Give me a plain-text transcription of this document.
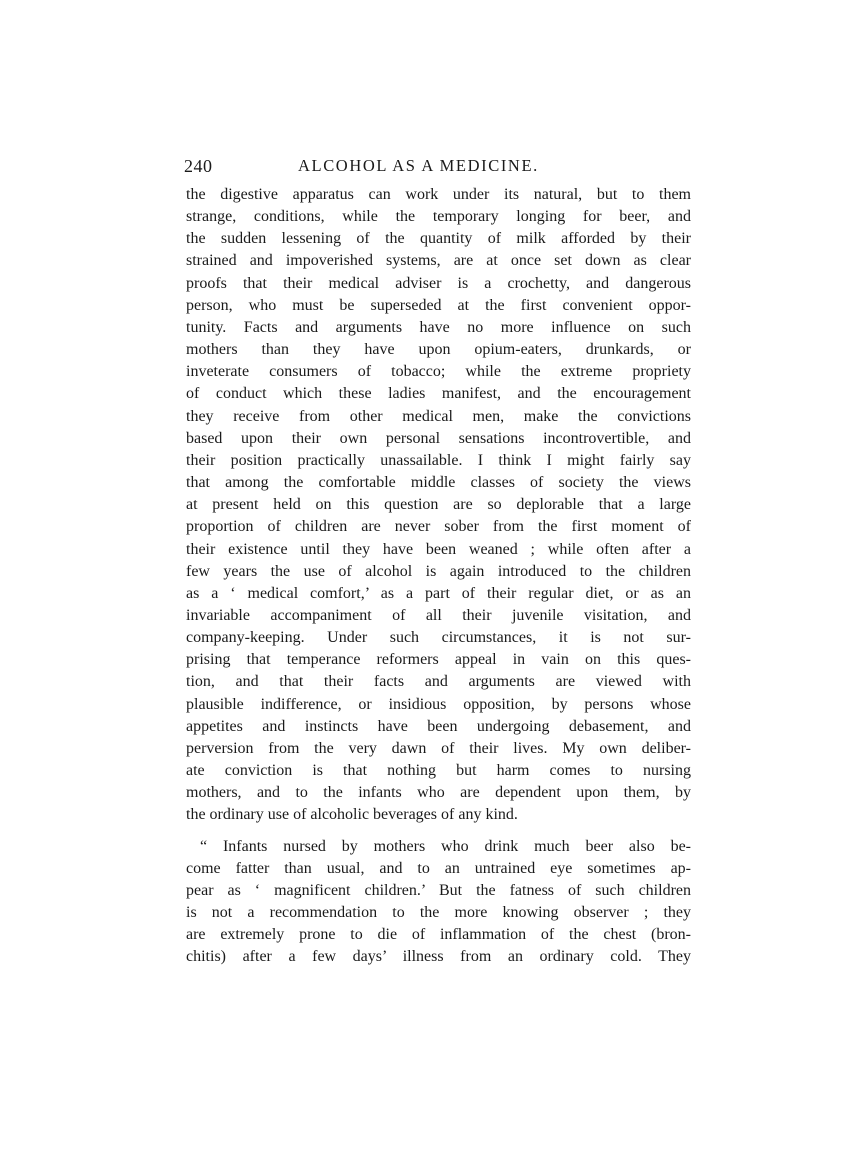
240	ALCOHOL AS A MEDICINE.
the digestive apparatus can work under its natural, but to them
strange, conditions, while the temporary longing for beer, and
the sudden lessening of the quantity of milk afforded by their
strained and impoverished systems, are at once set down as clear
proofs that their medical adviser is a crochetty, and dangerous
person, who must be superseded at the first convenient oppor-
tunity. Facts and arguments have no more influence on such
mothers than they have upon opium-eaters, drunkards, or
inveterate consumers of tobacco; while the extreme propriety
of conduct which these ladies manifest, and the encouragement
they receive from other medical men, make the convictions
based upon their own personal sensations incontrovertible, and
their position practically unassailable. I think I might fairly say
that among the comfortable middle classes of society the views
at present held on this question are so deplorable that a large
proportion of children are never sober from the first moment of
their existence until they have been weaned ; while often after a
few years the use of alcohol is again introduced to the children
as a ‘ medical comfort,’ as a part of their regular diet, or as an
invariable accompaniment of all their juvenile visitation, and
company-keeping. Under such circumstances, it is not sur-
prising that temperance reformers appeal in vain on this ques-
tion, and that their facts and arguments are viewed with
plausible indifference, or insidious opposition, by persons whose
appetites and instincts have been undergoing debasement, and
perversion from the very dawn of their lives. My own deliber-
ate conviction is that nothing but harm comes to nursing
mothers, and to the infants who are dependent upon them, by
the ordinary use of alcoholic beverages of any kind.
“ Infants nursed by mothers who drink much beer also be-
come fatter than usual, and to an untrained eye sometimes ap-
pear as ‘ magnificent children.’ But the fatness of such children
is not a recommendation to the more knowing observer ; they
are extremely prone to die of inflammation of the chest (bron-
chitis) after a few days’ illness from an ordinary cold. They
